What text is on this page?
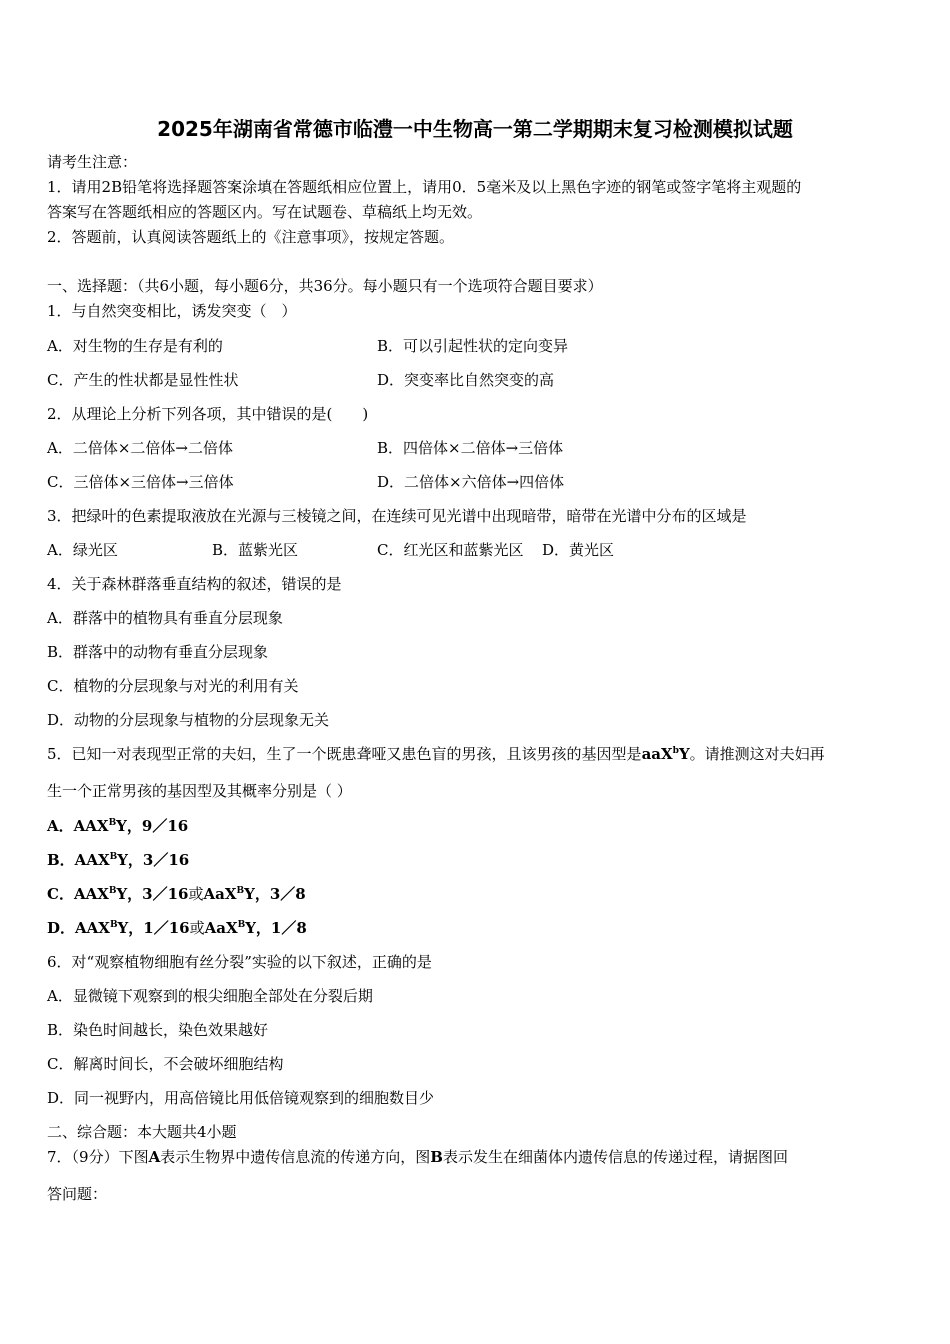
2025年湖南省常德市临澧一中生物高一第二学期期末复习检测模拟试题
请考生注意：
1．请用2B铅笔将选择题答案涂填在答题纸相应位置上，请用0．5毫米及以上黑色字迹的钢笔或签字笔将主观题的
答案写在答题纸相应的答题区内。写在试题卷、草稿纸上均无效。
2．答题前，认真阅读答题纸上的《注意事项》，按规定答题。
一、选择题：（共6小题，每小题6分，共36分。每小题只有一个选项符合题目要求）
1．与自然突变相比，诱发突变（　）
A．对生物的生存是有利的	B．可以引起性状的定向变异
C．产生的性状都是显性性状	D．突变率比自然突变的高
2．从理论上分析下列各项，其中错误的是(　　)
A．二倍体×二倍体→二倍体	B．四倍体×二倍体→三倍体
C．三倍体×三倍体→三倍体	D．二倍体×六倍体→四倍体
3．把绿叶的色素提取液放在光源与三棱镜之间，在连续可见光谱中出现暗带，暗带在光谱中分布的区域是
A．绿光区	B．蓝紫光区	C．红光区和蓝紫光区 D．黄光区
4．关于森林群落垂直结构的叙述，错误的是
A．群落中的植物具有垂直分层现象
B．群落中的动物有垂直分层现象
C．植物的分层现象与对光的利用有关
D．动物的分层现象与植物的分层现象无关
5．已知一对表现型正常的夫妇，生了一个既患聋哑又患色盲的男孩，且该男孩的基因型是aaX$^b$Y。请推测这对夫妇再
生一个正常男孩的基因型及其概率分别是（ ）
A．$AAX^BY$，9／16
B．$AAX^BY$，3／16
C．$AAX^BY$，3／16或AaX$^B$Y，3／8
D．$AAX^BY$，1／16或AaX$^B$Y，1／8
6．对“观察植物细胞有丝分裂”实验的以下叙述，正确的是
A．显微镜下观察到的根尖细胞全部处在分裂后期
B．染色时间越长，染色效果越好
C．解离时间长，不会破坏细胞结构
D．同一视野内，用高倍镜比用低倍镜观察到的细胞数目少
二、综合题：本大题共4小题
7．（9分）下图A表示生物界中遗传信息流的传递方向，图B表示发生在细菌体内遗传信息的传递过程，请据图回
答问题：
